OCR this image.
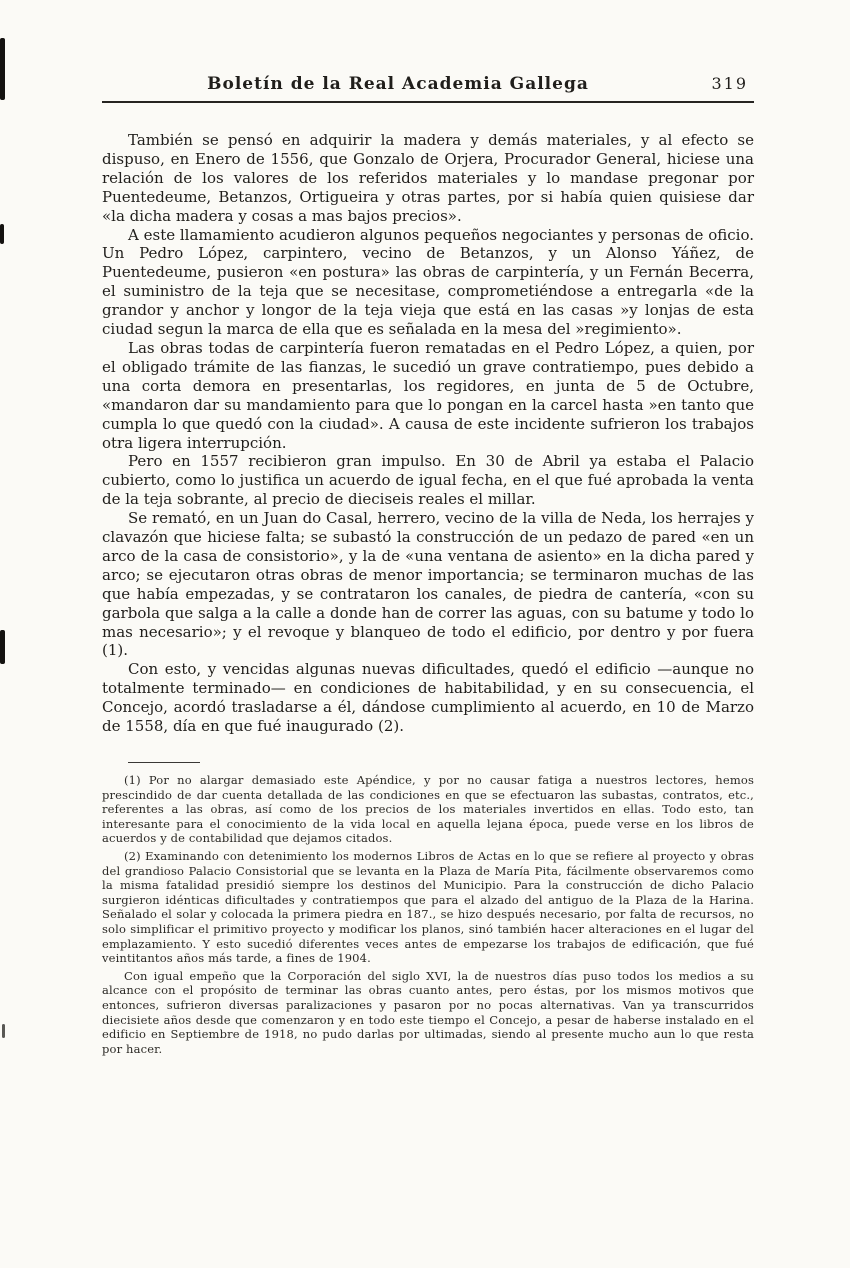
Boletín de la Real Academia Gallega	319

También se pensó en adquirir la madera y demás materiales, y al efecto se dispuso, en Enero de 1556, que Gonzalo de Orjera, Procurador General, hiciese una relación de los valores de los referidos materiales y lo mandase pregonar por Puentedeume, Betanzos, Ortigueira y otras partes, por si había quien quisiese dar «la dicha madera y cosas a mas bajos precios».

A este llamamiento acudieron algunos pequeños negociantes y personas de oficio. Un Pedro López, carpintero, vecino de Betanzos, y un Alonso Yáñez, de Puentedeume, pusieron «en postura» las obras de carpintería, y un Fernán Becerra, el suministro de la teja que se necesitase, comprometiéndose a entregarla «de la grandor y anchor y longor de la teja vieja que está en las casas »y lonjas de esta ciudad segun la marca de ella que es señalada en la mesa del »regimiento».

Las obras todas de carpintería fueron rematadas en el Pedro López, a quien, por el obligado trámite de las fianzas, le sucedió un grave contratiempo, pues debido a una corta demora en presentarlas, los regidores, en junta de 5 de Octubre, «mandaron dar su mandamiento para que lo pongan en la carcel hasta »en tanto que cumpla lo que quedó con la ciudad». A causa de este incidente sufrieron los trabajos otra ligera interrupción.

Pero en 1557 recibieron gran impulso. En 30 de Abril ya estaba el Palacio cubierto, como lo justifica un acuerdo de igual fecha, en el que fué aprobada la venta de la teja sobrante, al precio de dieciseis reales el millar.

Se remató, en un Juan do Casal, herrero, vecino de la villa de Neda, los herrajes y clavazón que hiciese falta; se subastó la construcción de un pedazo de pared «en un arco de la casa de consistorio», y la de «una ventana de asiento» en la dicha pared y arco; se ejecutaron otras obras de menor importancia; se terminaron muchas de las que había empezadas, y se contrataron los canales, de piedra de cantería, «con su garbola que salga a la calle a donde han de correr las aguas, con su batume y todo lo mas necesario»; y el revoque y blanqueo de todo el edificio, por dentro y por fuera (1).

Con esto, y vencidas algunas nuevas dificultades, quedó el edificio —aunque no totalmente terminado— en condiciones de habitabilidad, y en su consecuencia, el Concejo, acordó trasladarse a él, dándose cumplimiento al acuerdo, en 10 de Marzo de 1558, día en que fué inaugurado (2).

(1) Por no alargar demasiado este Apéndice, y por no causar fatiga a nuestros lectores, hemos prescindido de dar cuenta detallada de las condiciones en que se efectuaron las subastas, contratos, etc., referentes a las obras, así como de los precios de los materiales invertidos en ellas. Todo esto, tan interesante para el conocimiento de la vida local en aquella lejana época, puede verse en los libros de acuerdos y de contabilidad que dejamos citados.

(2) Examinando con detenimiento los modernos Libros de Actas en lo que se refiere al proyecto y obras del grandioso Palacio Consistorial que se levanta en la Plaza de María Pita, fácilmente observaremos como la misma fatalidad presidió siempre los destinos del Municipio. Para la construcción de dicho Palacio surgieron idénticas dificultades y contratiempos que para el alzado del antiguo de la Plaza de la Harina. Señalado el solar y colocada la primera piedra en 187., se hizo después necesario, por falta de recursos, no solo simplificar el primitivo proyecto y modificar los planos, sinó también hacer alteraciones en el lugar del emplazamiento. Y esto sucedió diferentes veces antes de empezarse los trabajos de edificación, que fué veintitantos años más tarde, a fines de 1904.

Con igual empeño que la Corporación del siglo XVI, la de nuestros días puso todos los medios a su alcance con el propósito de terminar las obras cuanto antes, pero éstas, por los mismos motivos que entonces, sufrieron diversas paralizaciones y pasaron por no pocas alternativas. Van ya transcurridos diecisiete años desde que comenzaron y en todo este tiempo el Concejo, a pesar de haberse instalado en el edificio en Septiembre de 1918, no pudo darlas por ultimadas, siendo al presente mucho aun lo que resta por hacer.
